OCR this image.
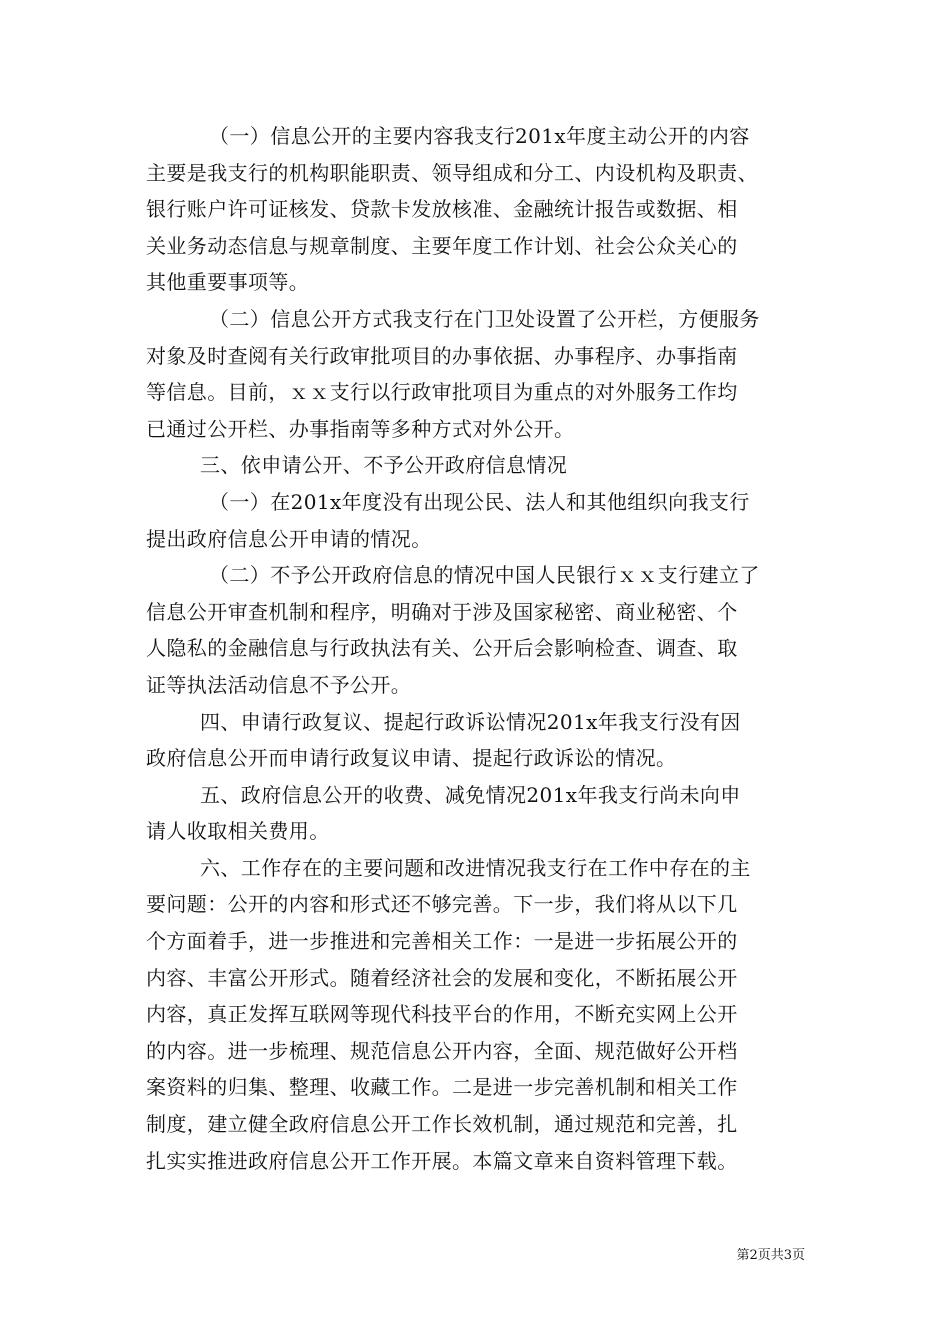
（一）信息公开的主要内容我支行201x年度主动公开的内容
主要是我支行的机构职能职责、领导组成和分工、内设机构及职责、
银行账户许可证核发、贷款卡发放核准、金融统计报告或数据、相
关业务动态信息与规章制度、主要年度工作计划、社会公众关心的
其他重要事项等。
（二）信息公开方式我支行在门卫处设置了公开栏，方便服务
对象及时查阅有关行政审批项目的办事依据、办事程序、办事指南
等信息。目前，ｘｘ支行以行政审批项目为重点的对外服务工作均
已通过公开栏、办事指南等多种方式对外公开。
三、依申请公开、不予公开政府信息情况
（一）在201x年度没有出现公民、法人和其他组织向我支行
提出政府信息公开申请的情况。
（二）不予公开政府信息的情况中国人民银行ｘｘ支行建立了
信息公开审查机制和程序，明确对于涉及国家秘密、商业秘密、个
人隐私的金融信息与行政执法有关、公开后会影响检查、调查、取
证等执法活动信息不予公开。
四、申请行政复议、提起行政诉讼情况201x年我支行没有因
政府信息公开而申请行政复议申请、提起行政诉讼的情况。
五、政府信息公开的收费、减免情况201x年我支行尚未向申
请人收取相关费用。
六、工作存在的主要问题和改进情况我支行在工作中存在的主
要问题：公开的内容和形式还不够完善。下一步，我们将从以下几
个方面着手，进一步推进和完善相关工作：一是进一步拓展公开的
内容、丰富公开形式。随着经济社会的发展和变化，不断拓展公开
内容，真正发挥互联网等现代科技平台的作用，不断充实网上公开
的内容。进一步梳理、规范信息公开内容，全面、规范做好公开档
案资料的归集、整理、收藏工作。二是进一步完善机制和相关工作
制度，建立健全政府信息公开工作长效机制，通过规范和完善，扎
扎实实推进政府信息公开工作开展。本篇文章来自资料管理下载。
第2页共3页
